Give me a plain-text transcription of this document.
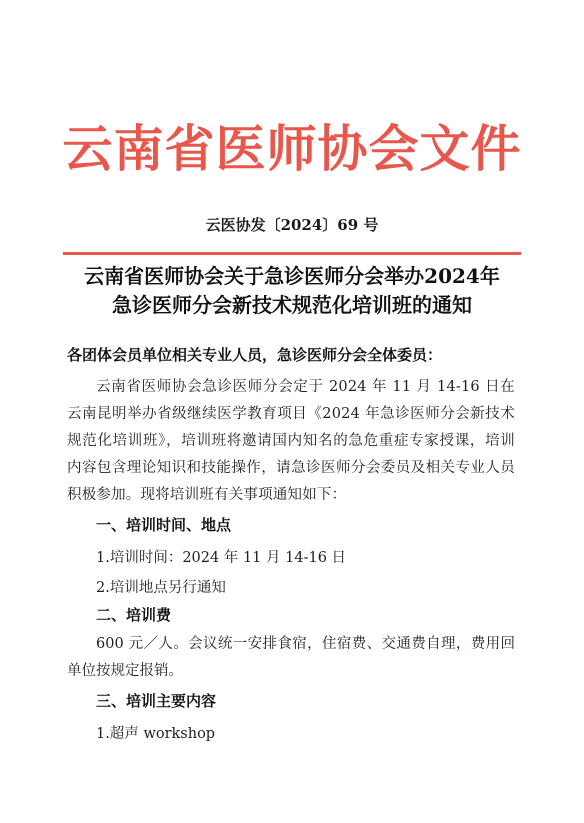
云南省医师协会文件
云医协发〔2024〕69 号
云南省医师协会关于急诊医师分会举办2024年
急诊医师分会新技术规范化培训班的通知
各团体会员单位相关专业人员，急诊医师分会全体委员：
云南省医师协会急诊医师分会定于 2024 年 11 月 14-16 日在云南昆明举办省级继续医学教育项目《2024 年急诊医师分会新技术规范化培训班》，培训班将邀请国内知名的急危重症专家授课，培训内容包含理论知识和技能操作，请急诊医师分会委员及相关专业人员积极参加。现将培训班有关事项通知如下：
一、培训时间、地点
1.培训时间：2024 年 11 月 14-16 日
2.培训地点另行通知
二、培训费
600 元／人。会议统一安排食宿，住宿费、交通费自理，费用回单位按规定报销。
三、培训主要内容
1.超声 workshop
